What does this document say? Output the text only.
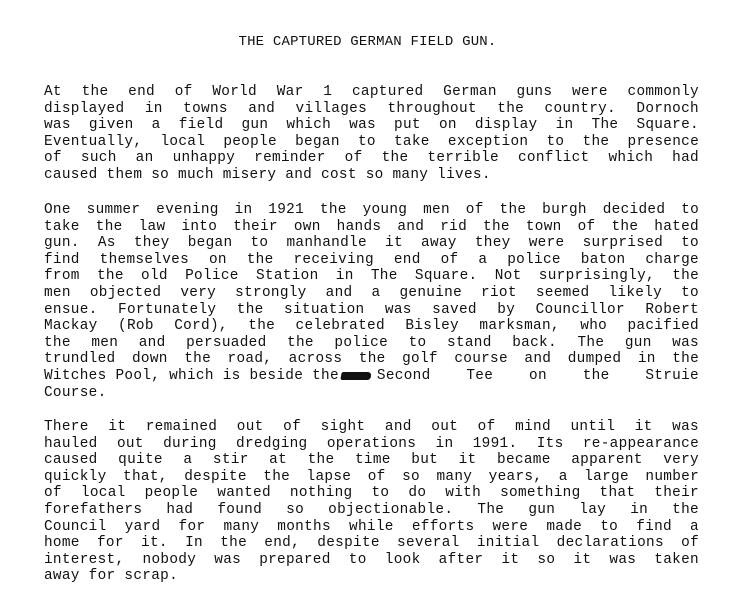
THE CAPTURED GERMAN FIELD GUN.
At the end of World War 1 captured German guns were commonly
displayed in towns and villages throughout the country. Dornoch
was given a field gun which was put on display in The Square.
Eventually, local people began to take exception to the presence
of such an unhappy reminder of the terrible conflict which had
caused them so much misery and cost so many lives.
One summer evening in 1921 the young men of the burgh decided to
take the law into their own hands and rid the town of the hated
gun. As they began to manhandle it away they were surprised to
find themselves on the receiving end of a police baton charge
from the old Police Station in The Square. Not surprisingly, the
men objected very strongly and a genuine riot seemed likely to
ensue. Fortunately the situation was saved by Councillor Robert
Mackay (Rob Cord), the celebrated Bisley marksman, who pacified
the men and persuaded the police to stand back. The gun was
trundled down the road, across the golf course and dumped in the
Witches Pool, which is beside the	Second Tee on the Struie
Course.
There it remained out of sight and out of mind until it was
hauled out during dredging operations in 1991. Its re-appearance
caused quite a stir at the time but it became apparent very
quickly that, despite the lapse of so many years, a large number
of local people wanted nothing to do with something that their
forefathers had found so objectionable. The gun lay in the
Council yard for many months while efforts were made to find a
home for it. In the end, despite several initial declarations of
interest, nobody was prepared to look after it so it was taken
away for scrap.
